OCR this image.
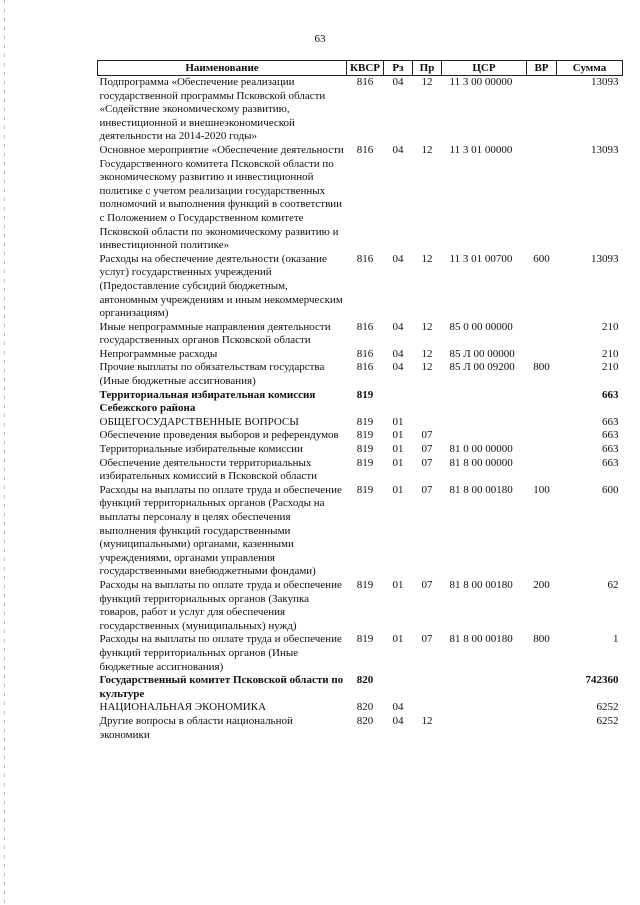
63
Наименование	КВСР	Рз	Пр	ЦСР	ВР	Сумма
Подпрограмма «Обеспечение реализации государственной программы Псковской области «Содействие экономическому развитию, инвестиционной и внешнеэкономической деятельности на 2014-2020 годы»	816	04	12	11 3 00 00000		13093
Основное мероприятие «Обеспечение деятельности Государственного комитета Псковской области по экономическому развитию и инвестиционной политике с учетом реализации государственных полномочий и выполнения функций в соответствии с Положением о Государственном комитете Псковской области по экономическому развитию и инвестиционной политике»	816	04	12	11 3 01 00000		13093
Расходы на обеспечение деятельности (оказание услуг) государственных учреждений (Предоставление субсидий бюджетным, автономным учреждениям и иным некоммерческим организациям)	816	04	12	11 3 01 00700	600	13093
Иные непрограммные направления деятельности государственных органов Псковской области	816	04	12	85 0 00 00000		210
Непрограммные расходы	816	04	12	85 Л 00 00000		210
Прочие выплаты по обязательствам государства (Иные бюджетные ассигнования)	816	04	12	85 Л 00 09200	800	210
Территориальная избирательная комиссия Себежского района	819					663
ОБЩЕГОСУДАРСТВЕННЫЕ ВОПРОСЫ	819	01				663
Обеспечение проведения выборов и референдумов	819	01	07			663
Территориальные избирательные комиссии	819	01	07	81 0 00 00000		663
Обеспечение деятельности территориальных избирательных комиссий в Псковской области	819	01	07	81 8 00 00000		663
Расходы на выплаты по оплате труда и обеспечение функций территориальных органов (Расходы на выплаты персоналу в целях обеспечения выполнения функций государственными (муниципальными) органами, казенными учреждениями, органами управления государственными внебюджетными фондами)	819	01	07	81 8 00 00180	100	600
Расходы на выплаты по оплате труда и обеспечение функций территориальных органов (Закупка товаров, работ и услуг для обеспечения государственных (муниципальных) нужд)	819	01	07	81 8 00 00180	200	62
Расходы на выплаты по оплате труда и обеспечение функций территориальных органов (Иные бюджетные ассигнования)	819	01	07	81 8 00 00180	800	1
Государственный комитет Псковской области по культуре	820					742360
НАЦИОНАЛЬНАЯ ЭКОНОМИКА	820	04				6252
Другие вопросы в области национальной экономики	820	04	12			6252
